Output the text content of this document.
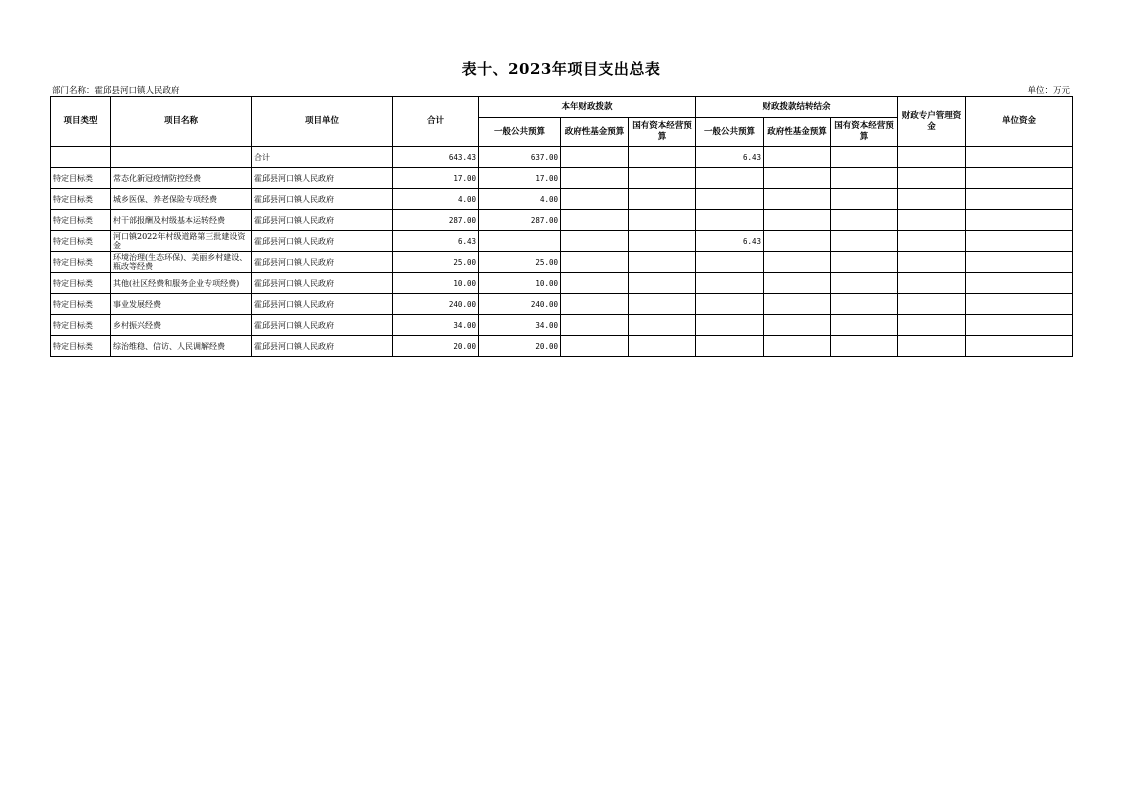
表十、2023年项目支出总表
部门名称：霍邱县河口镇人民政府	单位：万元
项目类型	项目名称	项目单位	合计	本年财政拨款			财政拨款结转结余			财政专户管理资金	单位资金
				一般公共预算	政府性基金预算	国有资本经营预算	一般公共预算	政府性基金预算	国有资本经营预算		
		合计	643.43	637.00			6.43				
特定目标类	常态化新冠疫情防控经费	霍邱县河口镇人民政府	17.00	17.00							
特定目标类	城乡医保、养老保险专项经费	霍邱县河口镇人民政府	4.00	4.00							
特定目标类	村干部报酬及村级基本运转经费	霍邱县河口镇人民政府	287.00	287.00							
特定目标类	河口镇2022年村级道路第三批建设资金	霍邱县河口镇人民政府	6.43				6.43				
特定目标类	环境治理(生态环保)、美丽乡村建设、瓶改等经费	霍邱县河口镇人民政府	25.00	25.00							
特定目标类	其他(社区经费和服务企业专项经费)	霍邱县河口镇人民政府	10.00	10.00							
特定目标类	事业发展经费	霍邱县河口镇人民政府	240.00	240.00							
特定目标类	乡村振兴经费	霍邱县河口镇人民政府	34.00	34.00							
特定目标类	综治维稳、信访、人民调解经费	霍邱县河口镇人民政府	20.00	20.00							
